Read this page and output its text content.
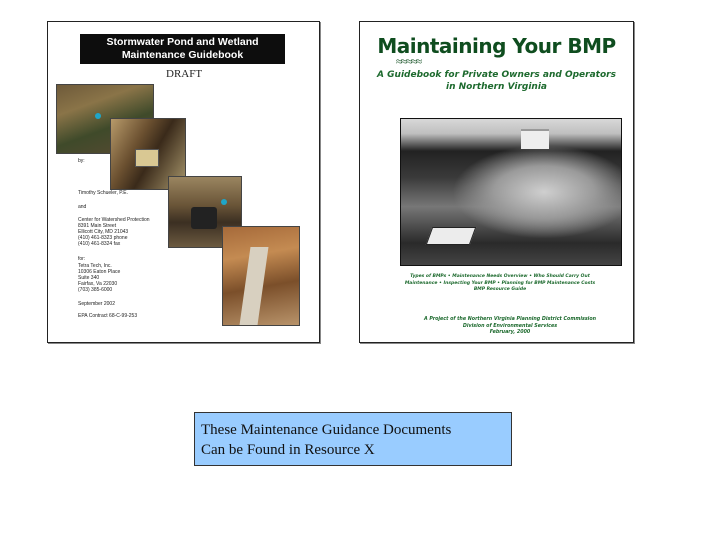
Stormwater Pond and Wetland
Maintenance Guidebook
DRAFT
by:
Timothy Schueler, P.E.
and
Center for Watershed Protection
8391 Main Street
Ellicott City, MD 21043
(410) 461-8323 phone
(410) 461-8324 fax
for:
Tetra Tech, Inc.
10306 Eaton Place
Suite 340
Fairfax, Va 22030
(703) 385-6000
September 2002
EPA Contract 68-C-99-253
Maintaining Your BMP
≈≈≈≈≈
A Guidebook for Private Owners and Operators
in Northern Virginia
Types of BMPs • Maintenance Needs Overview • Who Should Carry Out
Maintenance • Inspecting Your BMP • Planning for BMP Maintenance Costs
BMP Resource Guide
A Project of the Northern Virginia Planning District Commission
Division of Environmental Services
February, 2000
These Maintenance Guidance Documents
Can be Found in Resource X
